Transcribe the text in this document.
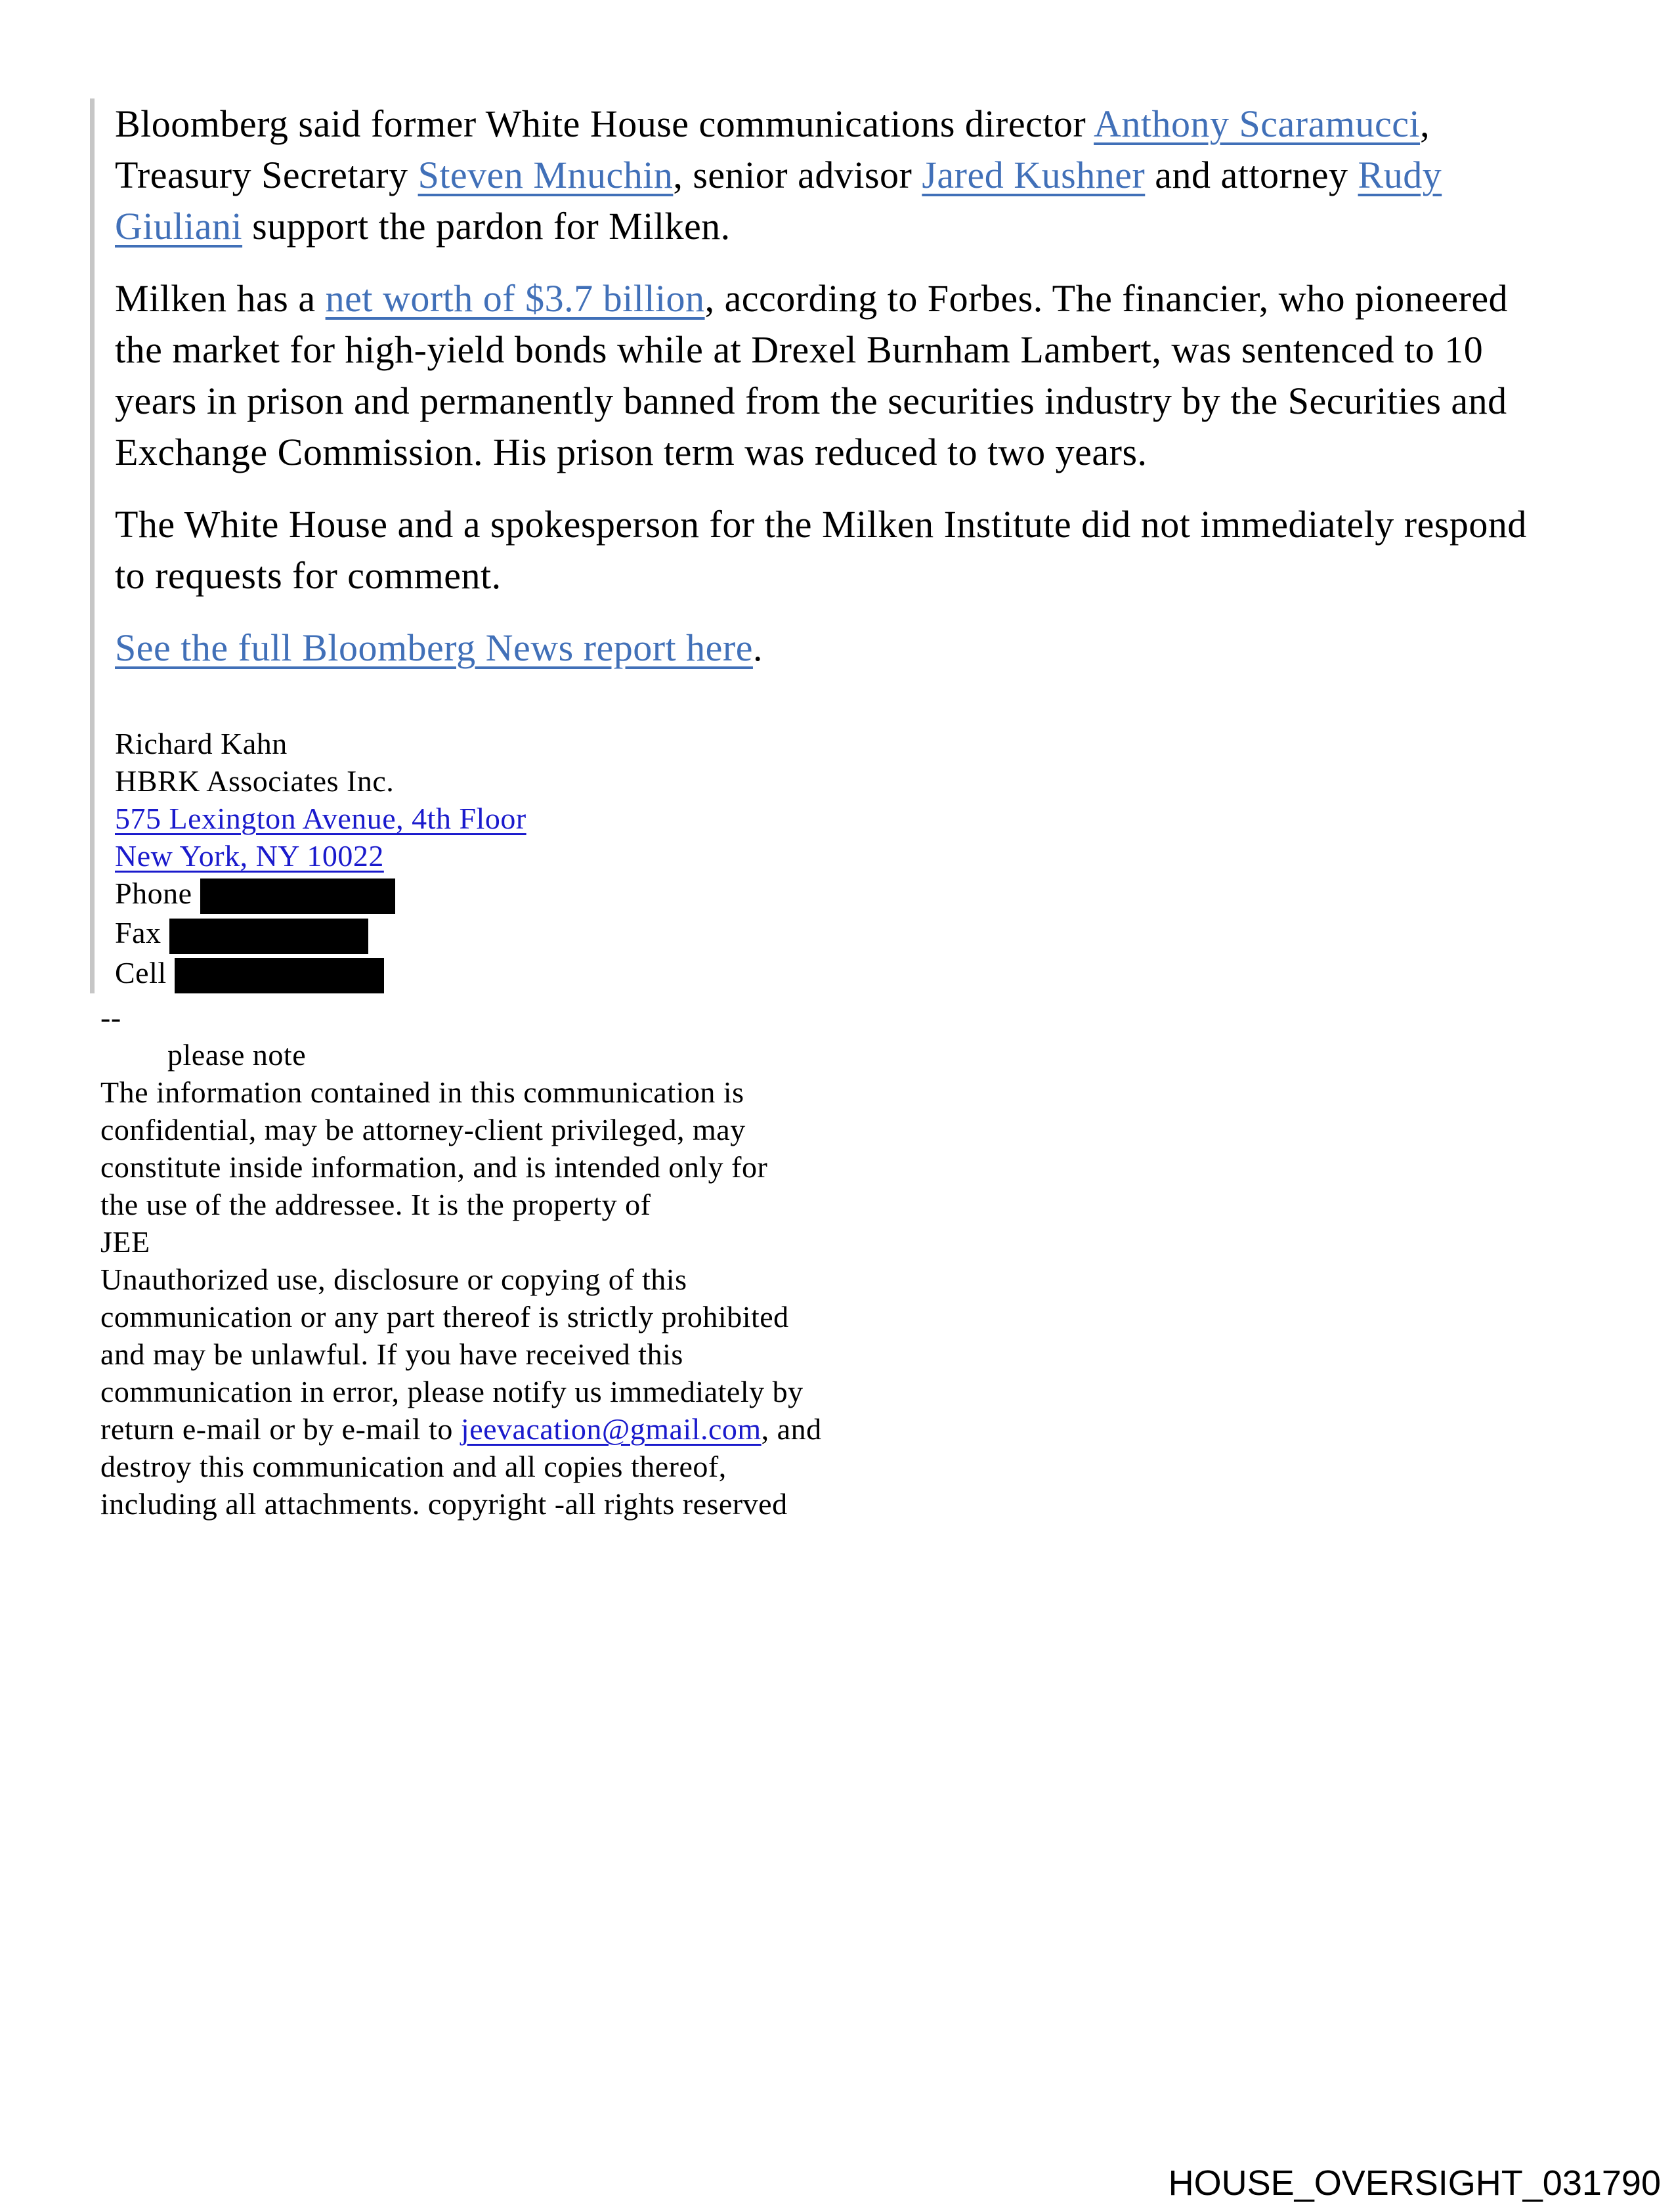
Bloomberg said former White House communications director Anthony Scaramucci,
Treasury Secretary Steven Mnuchin, senior advisor Jared Kushner and attorney Rudy
Giuliani support the pardon for Milken.

Milken has a net worth of $3.7 billion, according to Forbes. The financier, who pioneered
the market for high-yield bonds while at Drexel Burnham Lambert, was sentenced to 10
years in prison and permanently banned from the securities industry by the Securities and
Exchange Commission. His prison term was reduced to two years.

The White House and a spokesperson for the Milken Institute did not immediately respond
to requests for comment.

See the full Bloomberg News report here.

Richard Kahn
HBRK Associates Inc.
575 Lexington Avenue, 4th Floor
New York, NY 10022
Phone
Fax
Cell
--
please note
The information contained in this communication is
confidential, may be attorney-client privileged, may
constitute inside information, and is intended only for
the use of the addressee. It is the property of
JEE
Unauthorized use, disclosure or copying of this
communication or any part thereof is strictly prohibited
and may be unlawful. If you have received this
communication in error, please notify us immediately by
return e-mail or by e-mail to jeevacation@gmail.com, and
destroy this communication and all copies thereof,
including all attachments. copyright -all rights reserved
HOUSE_OVERSIGHT_031790
